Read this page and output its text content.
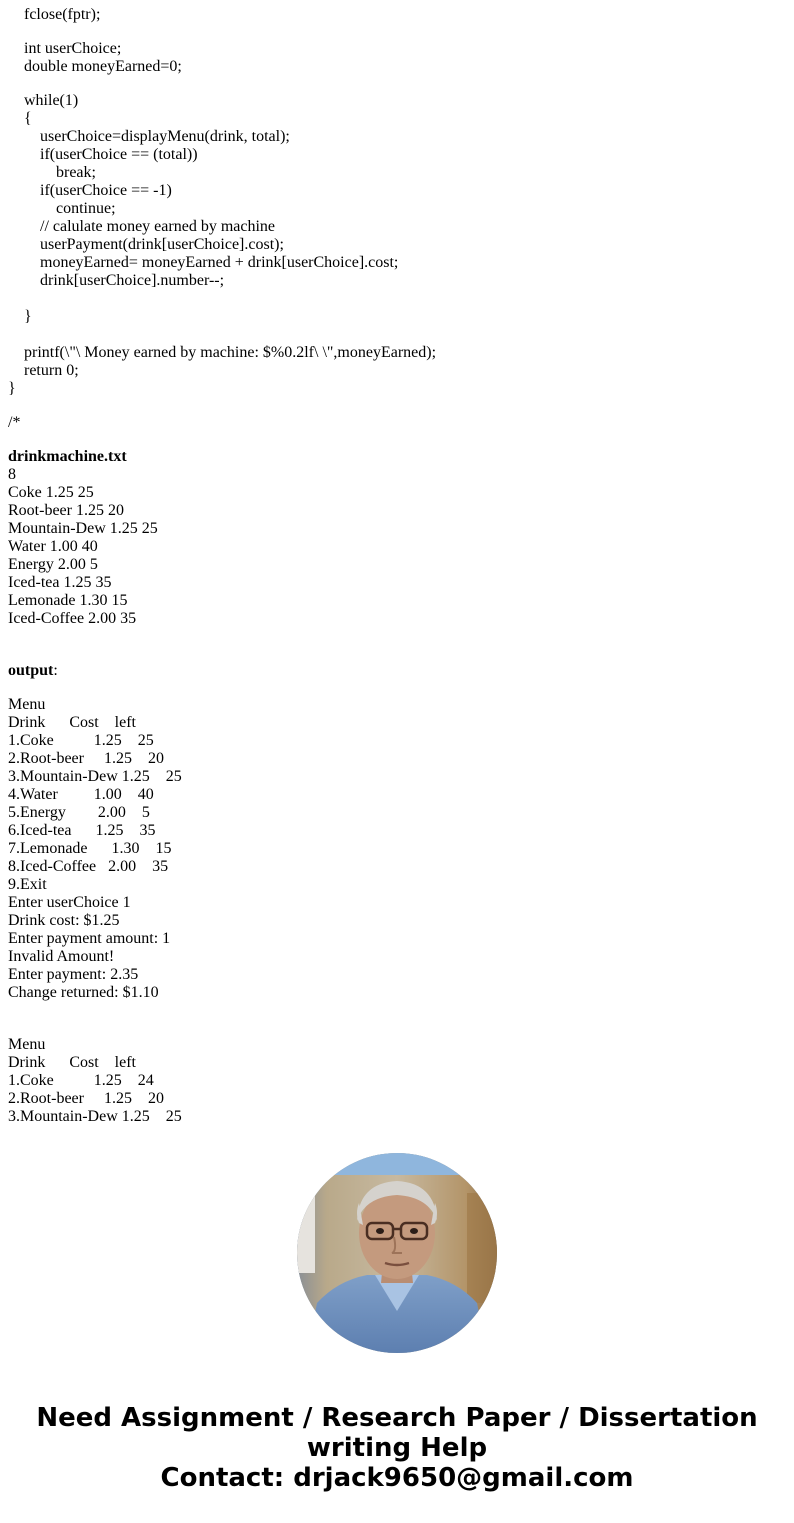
fclose(fptr);
int userChoice;
double moneyEarned=0;
while(1)
{
userChoice=displayMenu(drink, total);
if(userChoice == (total))
break;
if(userChoice == -1)
continue;
// calulate money earned by machine
userPayment(drink[userChoice].cost);
moneyEarned= moneyEarned + drink[userChoice].cost;
drink[userChoice].number--;
}
printf(\"\ Money earned by machine: $%0.2lf\ \",moneyEarned);
return 0;
}
/*
drinkmachine.txt
8
Coke 1.25 25
Root-beer 1.25 20
Mountain-Dew 1.25 25
Water 1.00 40
Energy 2.00 5
Iced-tea 1.25 35
Lemonade 1.30 15
Iced-Coffee 2.00 35
output:
Menu
Drink      Cost    left
1.Coke          1.25    25
2.Root-beer     1.25    20
3.Mountain-Dew 1.25    25
4.Water         1.00    40
5.Energy        2.00    5
6.Iced-tea      1.25    35
7.Lemonade      1.30    15
8.Iced-Coffee   2.00    35
9.Exit
Enter userChoice 1
Drink cost: $1.25
Enter payment amount: 1
Invalid Amount!
Enter payment: 2.35
Change returned: $1.10
Menu
Drink      Cost    left
1.Coke          1.25    24
2.Root-beer     1.25    20
3.Mountain-Dew 1.25    25
Need Assignment / Research Paper / Dissertation
writing Help
Contact: drjack9650@gmail.com
